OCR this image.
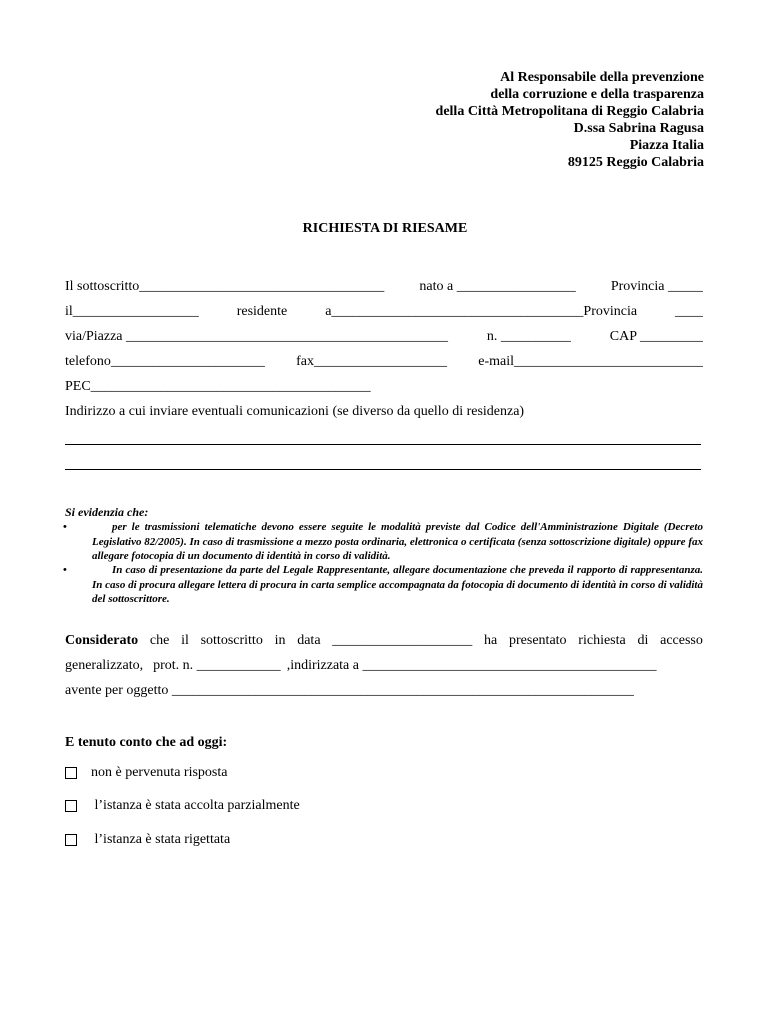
Al Responsabile della prevenzione
della corruzione e della trasparenza
della Città Metropolitana di Reggio Calabria
D.ssa Sabrina Ragusa
Piazza Italia
89125 Reggio Calabria
RICHIESTA DI RIESAME
Il sottoscritto___________________________________	nato a _________________	Provincia _____
il__________________	residente	a____________________________________Provincia	____
via/Piazza ______________________________________________	n. __________	CAP _________
telefono______________________ fax___________________ e-mail___________________________
PEC________________________________________
Indirizzo a cui inviare eventuali comunicazioni (se diverso da quello di residenza)
Si evidenzia che:
•	per le trasmissioni telematiche devono essere seguite le modalità previste dal Codice dell'Amministrazione Digitale (Decreto Legislativo 82/2005). In caso di trasmissione a mezzo posta ordinaria, elettronica o certificata (senza sottoscrizione digitale) oppure fax allegare fotocopia di un documento di identità in corso di validità.
•	In caso di presentazione da parte del Legale Rappresentante, allegare documentazione che preveda il rapporto di rappresentanza. In caso di procura allegare lettera di procura in carta semplice accompagnata da fotocopia di documento di identità in corso di validità del sottoscrittore.
Considerato che il sottoscritto in data ____________________ ha presentato richiesta di accesso
generalizzato, prot. n. ____________ ,indirizzata a __________________________________________
avente per oggetto __________________________________________________________________
E tenuto conto che ad oggi:
non è pervenuta risposta
l’istanza è stata accolta parzialmente
l’istanza è stata rigettata
